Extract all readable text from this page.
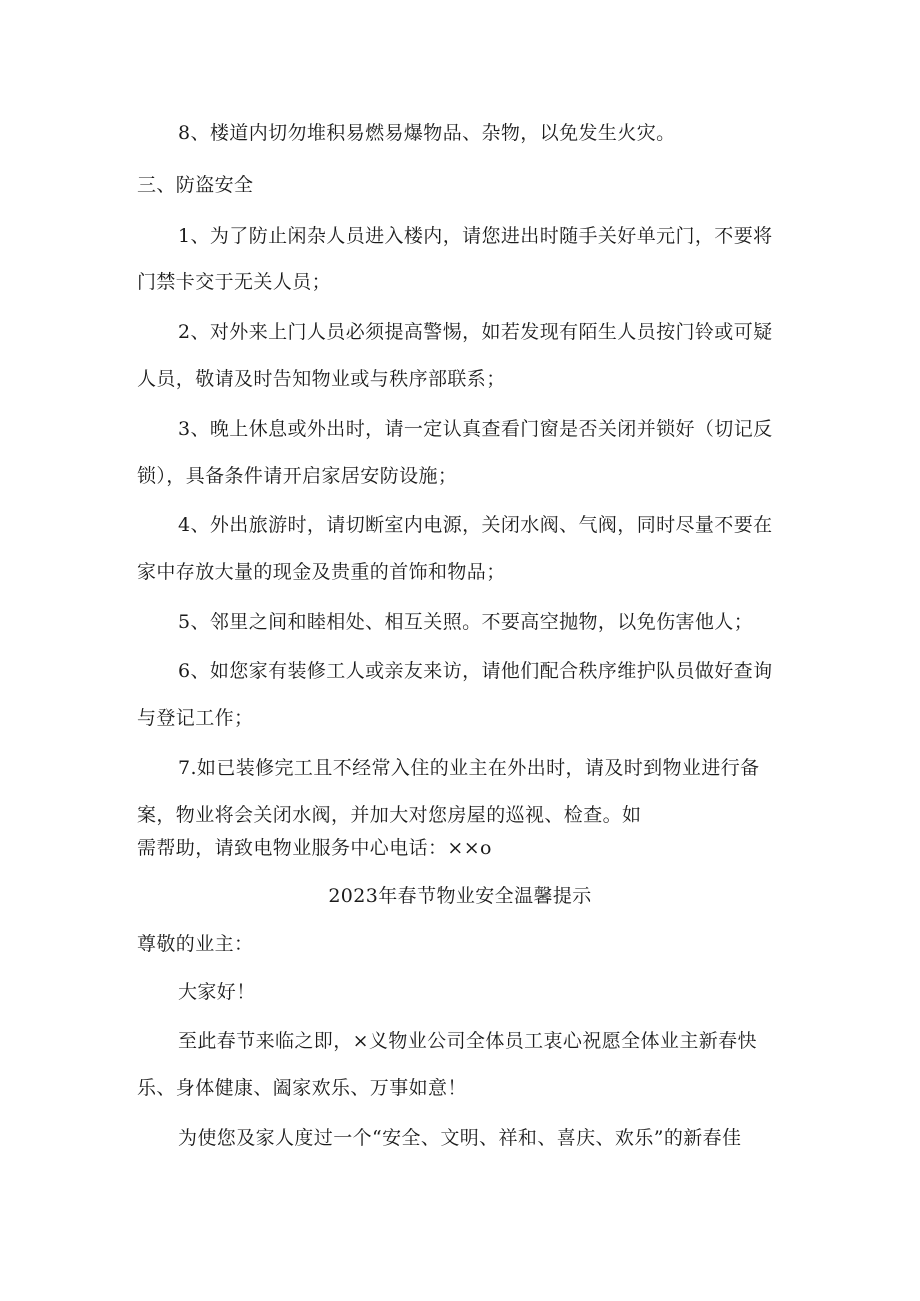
8、楼道内切勿堆积易燃易爆物品、杂物，以免发生火灾。
三、防盗安全
1、为了防止闲杂人员进入楼内，请您进出时随手关好单元门，不要将
门禁卡交于无关人员；
2、对外来上门人员必须提高警惕，如若发现有陌生人员按门铃或可疑
人员，敬请及时告知物业或与秩序部联系；
3、晚上休息或外出时，请一定认真查看门窗是否关闭并锁好（切记反
锁），具备条件请开启家居安防设施；
4、外出旅游时，请切断室内电源，关闭水阀、气阀，同时尽量不要在
家中存放大量的现金及贵重的首饰和物品；
5、邻里之间和睦相处、相互关照。不要高空抛物，以免伤害他人；
6、如您家有装修工人或亲友来访，请他们配合秩序维护队员做好查询
与登记工作；
7.如已装修完工且不经常入住的业主在外出时，请及时到物业进行备
案，物业将会关闭水阀，并加大对您房屋的巡视、检查。如
需帮助，请致电物业服务中心电话：××o
2023年春节物业安全温馨提示
尊敬的业主：
大家好！
至此春节来临之即，×义物业公司全体员工衷心祝愿全体业主新春快
乐、身体健康、阖家欢乐、万事如意！
为使您及家人度过一个“安全、文明、祥和、喜庆、欢乐”的新春佳
